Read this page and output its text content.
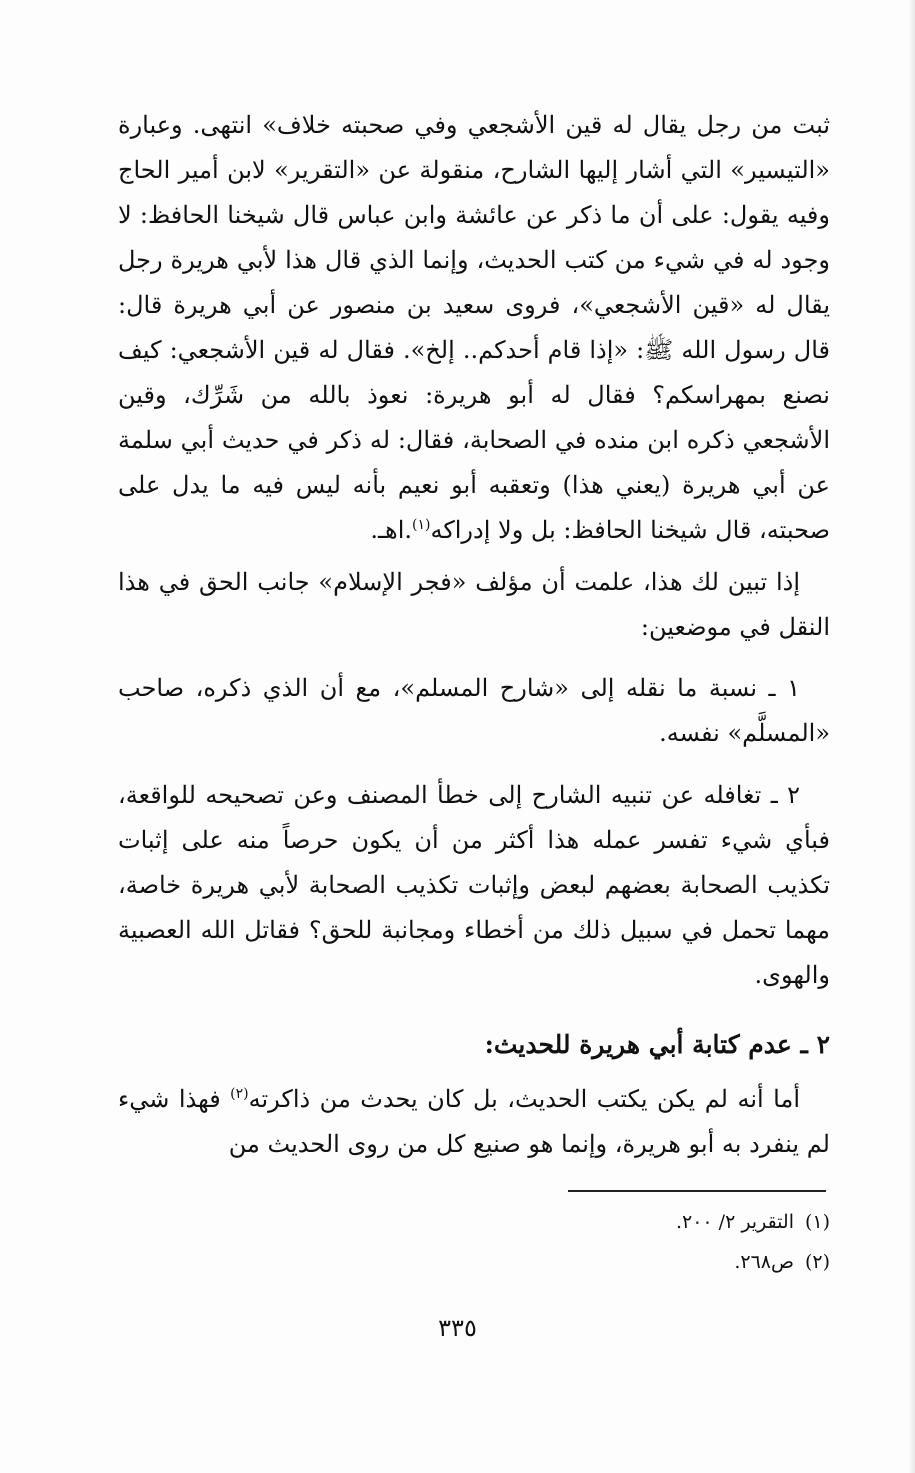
ثبت من رجل يقال له قين الأشجعي وفي صحبته خلاف» انتهى. وعبارة «التيسير» التي أشار إليها الشارح، منقولة عن «التقرير» لابن أمير الحاج وفيه يقول: على أن ما ذكر عن عائشة وابن عباس قال شيخنا الحافظ: لا وجود له في شيء من كتب الحديث، وإنما الذي قال هذا لأبي هريرة رجل يقال له «قين الأشجعي»، فروى سعيد بن منصور عن أبي هريرة قال: قال رسول الله ﷺ: «إذا قام أحدكم.. إلخ». فقال له قين الأشجعي: كيف نصنع بمهراسكم؟ فقال له أبو هريرة: نعوذ بالله من شَرِّك، وقين الأشجعي ذكره ابن منده في الصحابة، فقال: له ذكر في حديث أبي سلمة عن أبي هريرة (يعني هذا) وتعقبه أبو نعيم بأنه ليس فيه ما يدل على صحبته، قال شيخنا الحافظ: بل ولا إدراكه$^{(١)}$.اهـ.

إذا تبين لك هذا، علمت أن مؤلف «فجر الإسلام» جانب الحق في هذا النقل في موضعين:

١ ـ نسبة ما نقله إلى «شارح المسلم»، مع أن الذي ذكره، صاحب «المسلَّم» نفسه.

٢ ـ تغافله عن تنبيه الشارح إلى خطأ المصنف وعن تصحيحه للواقعة، فبأي شيء تفسر عمله هذا أكثر من أن يكون حرصاً منه على إثبات تكذيب الصحابة بعضهم لبعض وإثبات تكذيب الصحابة لأبي هريرة خاصة، مهما تحمل في سبيل ذلك من أخطاء ومجانبة للحق؟ فقاتل الله العصبية والهوى.

٢ ـ عدم كتابة أبي هريرة للحديث:

أما أنه لم يكن يكتب الحديث، بل كان يحدث من ذاكرته$^{(٢)}$ فهذا شيء لم ينفرد به أبو هريرة، وإنما هو صنيع كل من روى الحديث من

(١)التقرير ٢/ ٢٠٠.

(٢)ص٢٦٨.

٣٣٥
